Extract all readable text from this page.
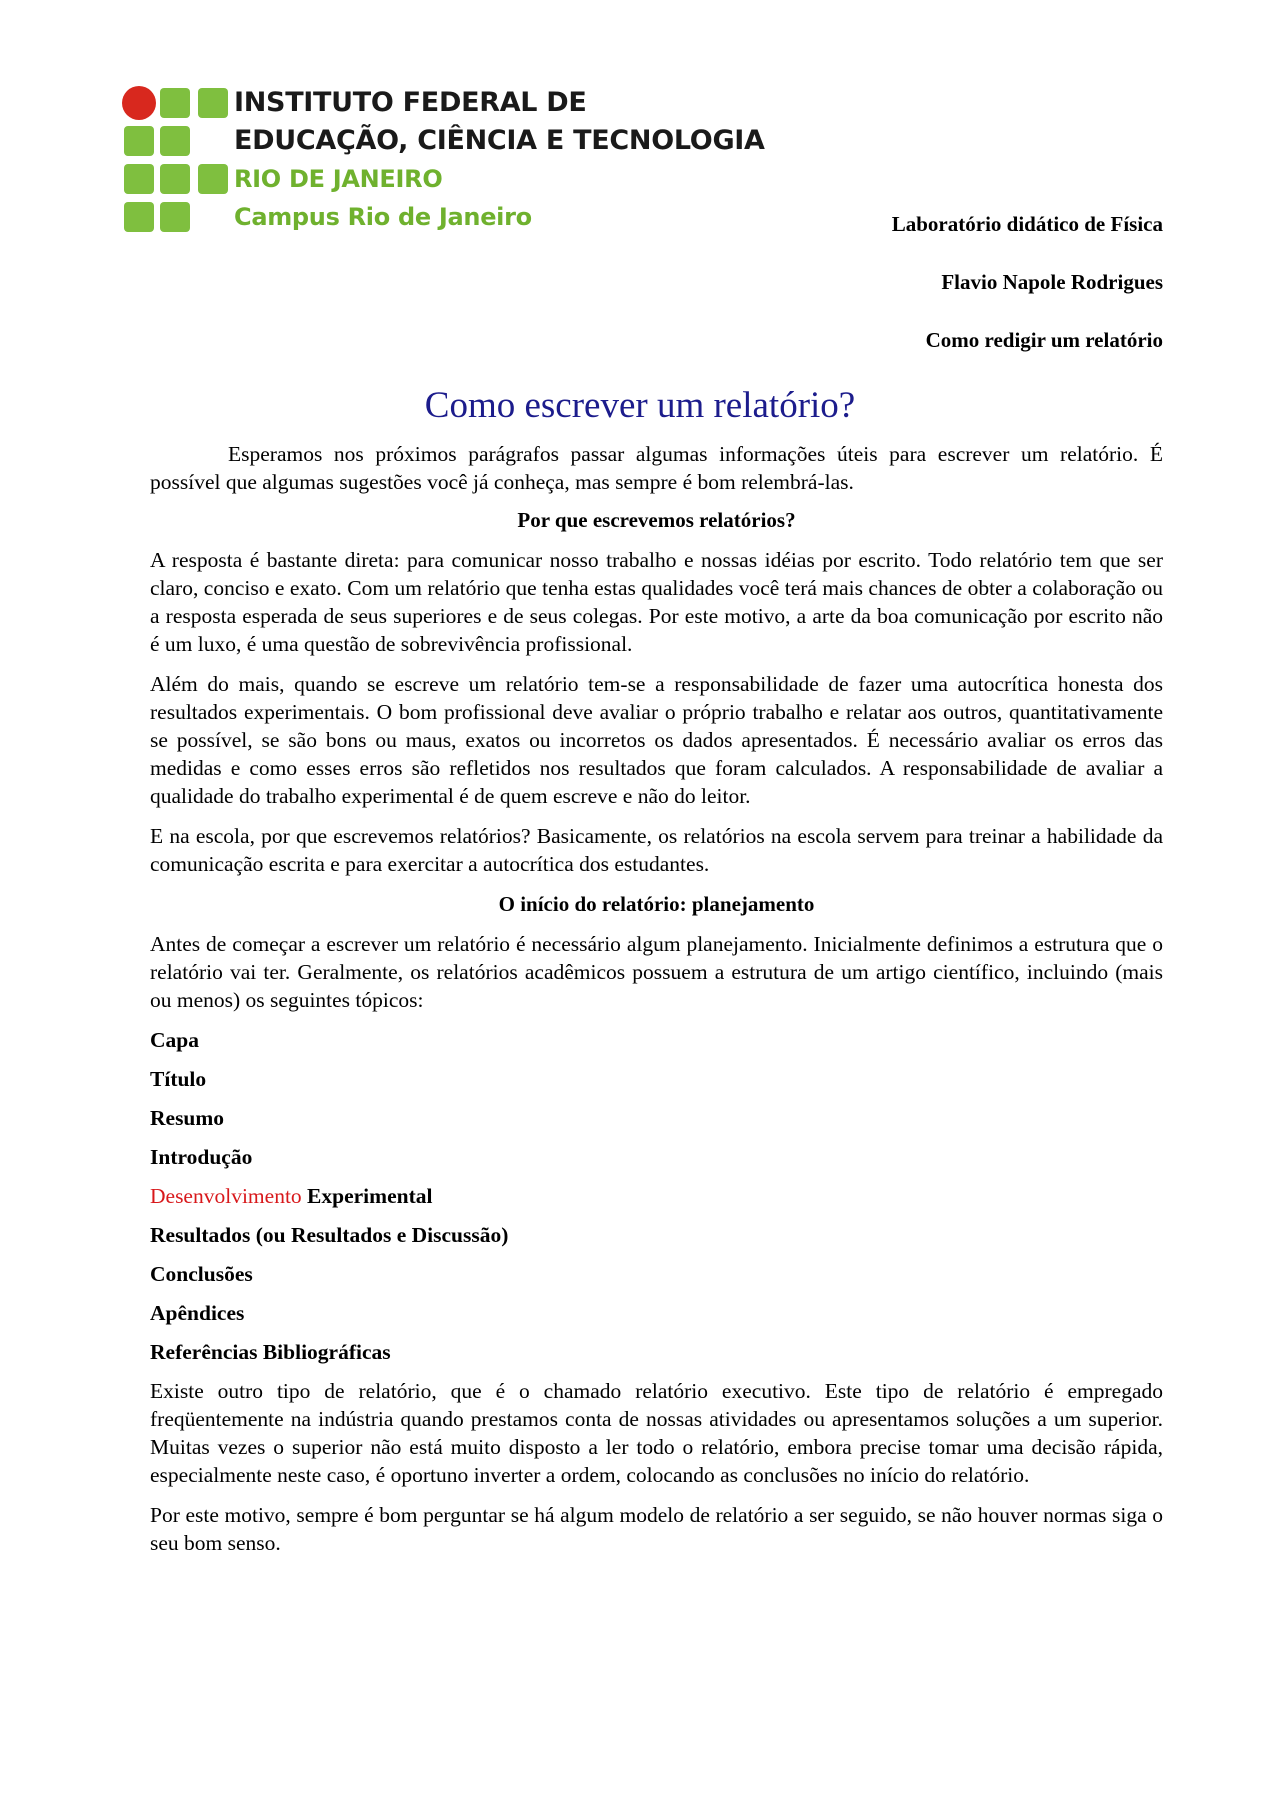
INSTITUTO FEDERAL DE
EDUCAÇÃO, CIÊNCIA E TECNOLOGIA
RIO DE JANEIRO
Campus Rio de Janeiro	Laboratório didático de Física
Flavio Napole Rodrigues
Como redigir um relatório
Como escrever um relatório?

Esperamos nos próximos parágrafos passar algumas informações úteis para escrever um relatório. É possível que algumas sugestões você já conheça, mas sempre é bom relembrá-las.

Por que escrevemos relatórios?

A resposta é bastante direta: para comunicar nosso trabalho e nossas idéias por escrito. Todo relatório tem que ser claro, conciso e exato. Com um relatório que tenha estas qualidades você terá mais chances de obter a colaboração ou a resposta esperada de seus superiores e de seus colegas. Por este motivo, a arte da boa comunicação por escrito não é um luxo, é uma questão de sobrevivência profissional.

Além do mais, quando se escreve um relatório tem-se a responsabilidade de fazer uma autocrítica honesta dos resultados experimentais. O bom profissional deve avaliar o próprio trabalho e relatar aos outros, quantitativamente se possível, se são bons ou maus, exatos ou incorretos os dados apresentados. É necessário avaliar os erros das medidas e como esses erros são refletidos nos resultados que foram calculados. A responsabilidade de avaliar a qualidade do trabalho experimental é de quem escreve e não do leitor.

E na escola, por que escrevemos relatórios? Basicamente, os relatórios na escola servem para treinar a habilidade da comunicação escrita e para exercitar a autocrítica dos estudantes.

O início do relatório: planejamento

Antes de começar a escrever um relatório é necessário algum planejamento. Inicialmente definimos a estrutura que o relatório vai ter. Geralmente, os relatórios acadêmicos possuem a estrutura de um artigo científico, incluindo (mais ou menos) os seguintes tópicos:

Capa
Título
Resumo
Introdução
Desenvolvimento Experimental
Resultados (ou Resultados e Discussão)
Conclusões
Apêndices
Referências Bibliográficas

Existe outro tipo de relatório, que é o chamado relatório executivo. Este tipo de relatório é empregado freqüentemente na indústria quando prestamos conta de nossas atividades ou apresentamos soluções a um superior. Muitas vezes o superior não está muito disposto a ler todo o relatório, embora precise tomar uma decisão rápida, especialmente neste caso, é oportuno inverter a ordem, colocando as conclusões no início do relatório.

Por este motivo, sempre é bom perguntar se há algum modelo de relatório a ser seguido, se não houver normas siga o seu bom senso.
